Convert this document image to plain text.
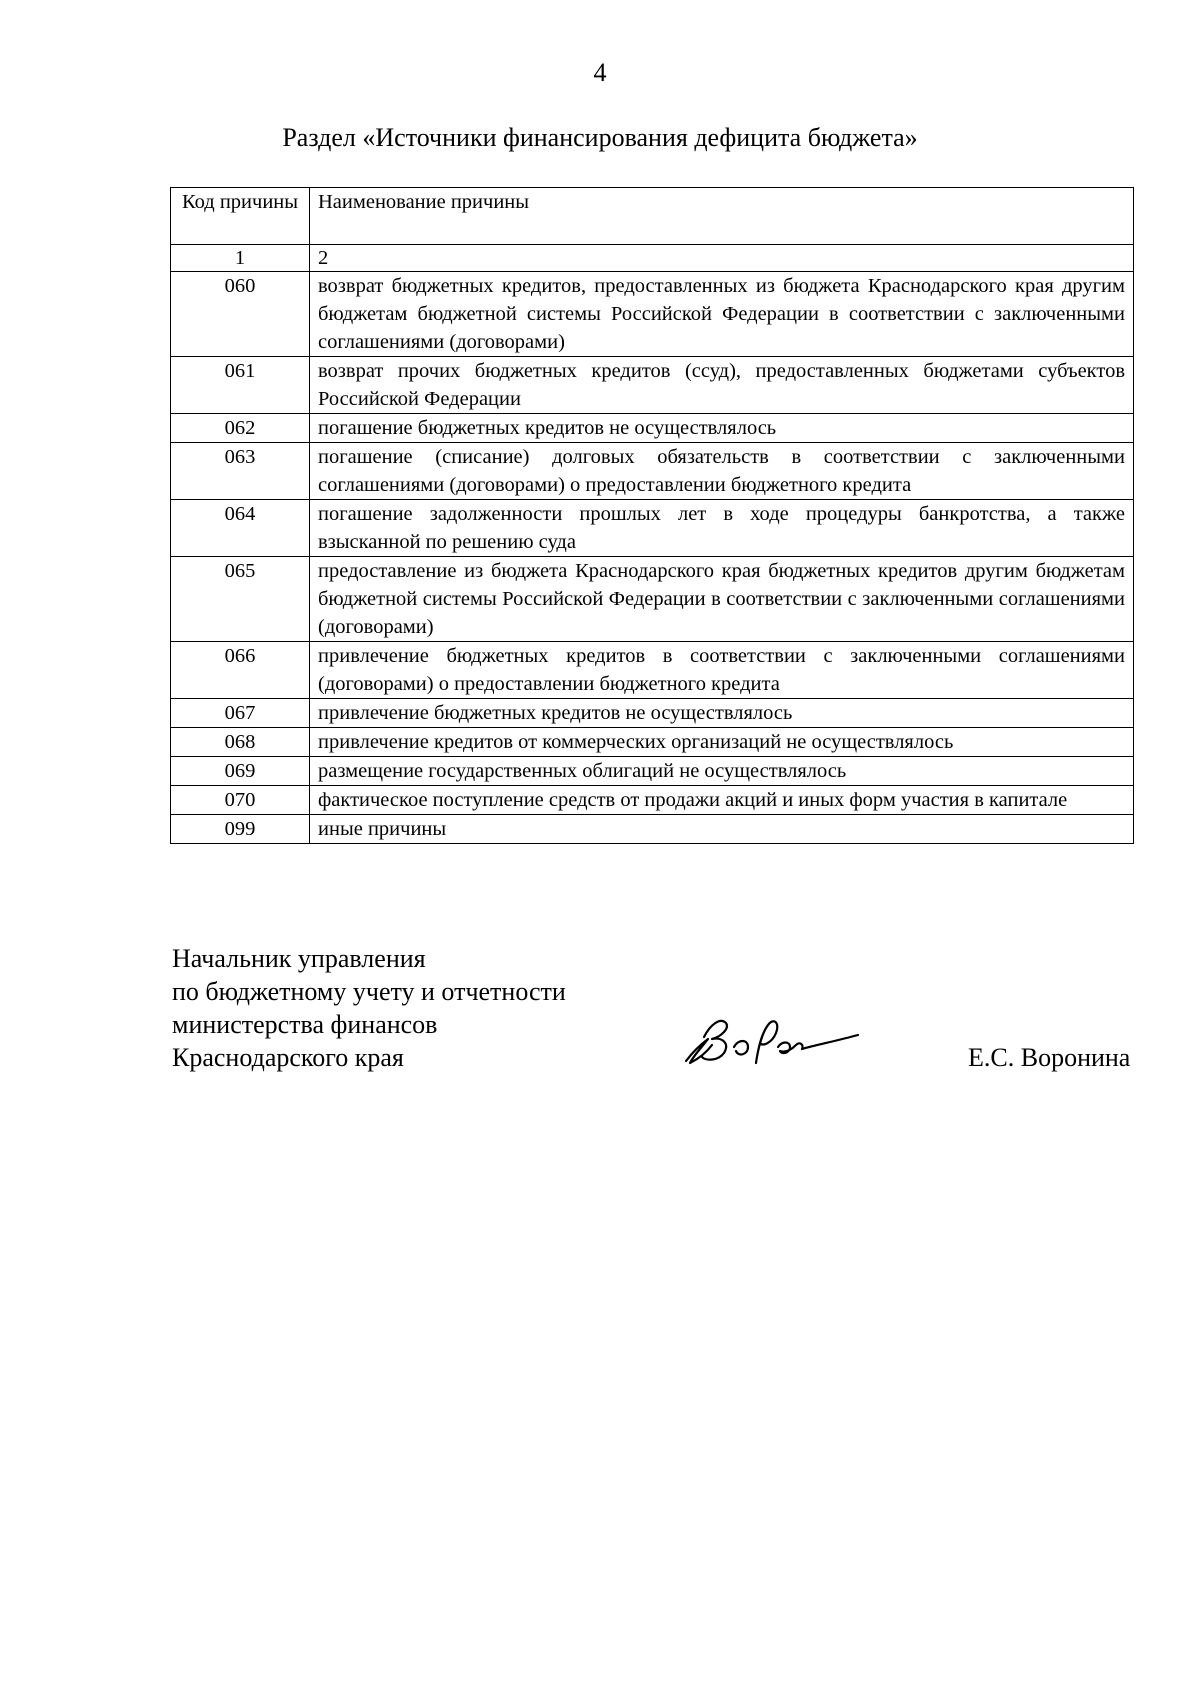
4
Раздел «Источники финансирования дефицита бюджета»
Код причины	Наименование причины
1	2
060	возврат бюджетных кредитов, предоставленных из бюджета Краснодарского края другим бюджетам бюджетной системы Российской Федерации в соответствии с заключенными соглашениями (договорами)
061	возврат прочих бюджетных кредитов (ссуд), предоставленных бюджетами субъектов Российской Федерации
062	погашение бюджетных кредитов не осуществлялось
063	погашение (списание) долговых обязательств в соответствии с заключенными соглашениями (договорами) о предоставлении бюджетного кредита
064	погашение задолженности прошлых лет в ходе процедуры банкротства, а также взысканной по решению суда
065	предоставление из бюджета Краснодарского края бюджетных кредитов другим бюджетам бюджетной системы Российской Федерации в соответствии с заключенными соглашениями (договорами)
066	привлечение бюджетных кредитов в соответствии с заключенными соглашениями (договорами) о предоставлении бюджетного кредита
067	привлечение бюджетных кредитов не осуществлялось
068	привлечение кредитов от коммерческих организаций не осуществлялось
069	размещение государственных облигаций не осуществлялось
070	фактическое поступление средств от продажи акций и иных форм участия в капитале
099	иные причины
Начальник управления
по бюджетному учету и отчетности
министерства финансов
Краснодарского края	Е.С. Воронина
